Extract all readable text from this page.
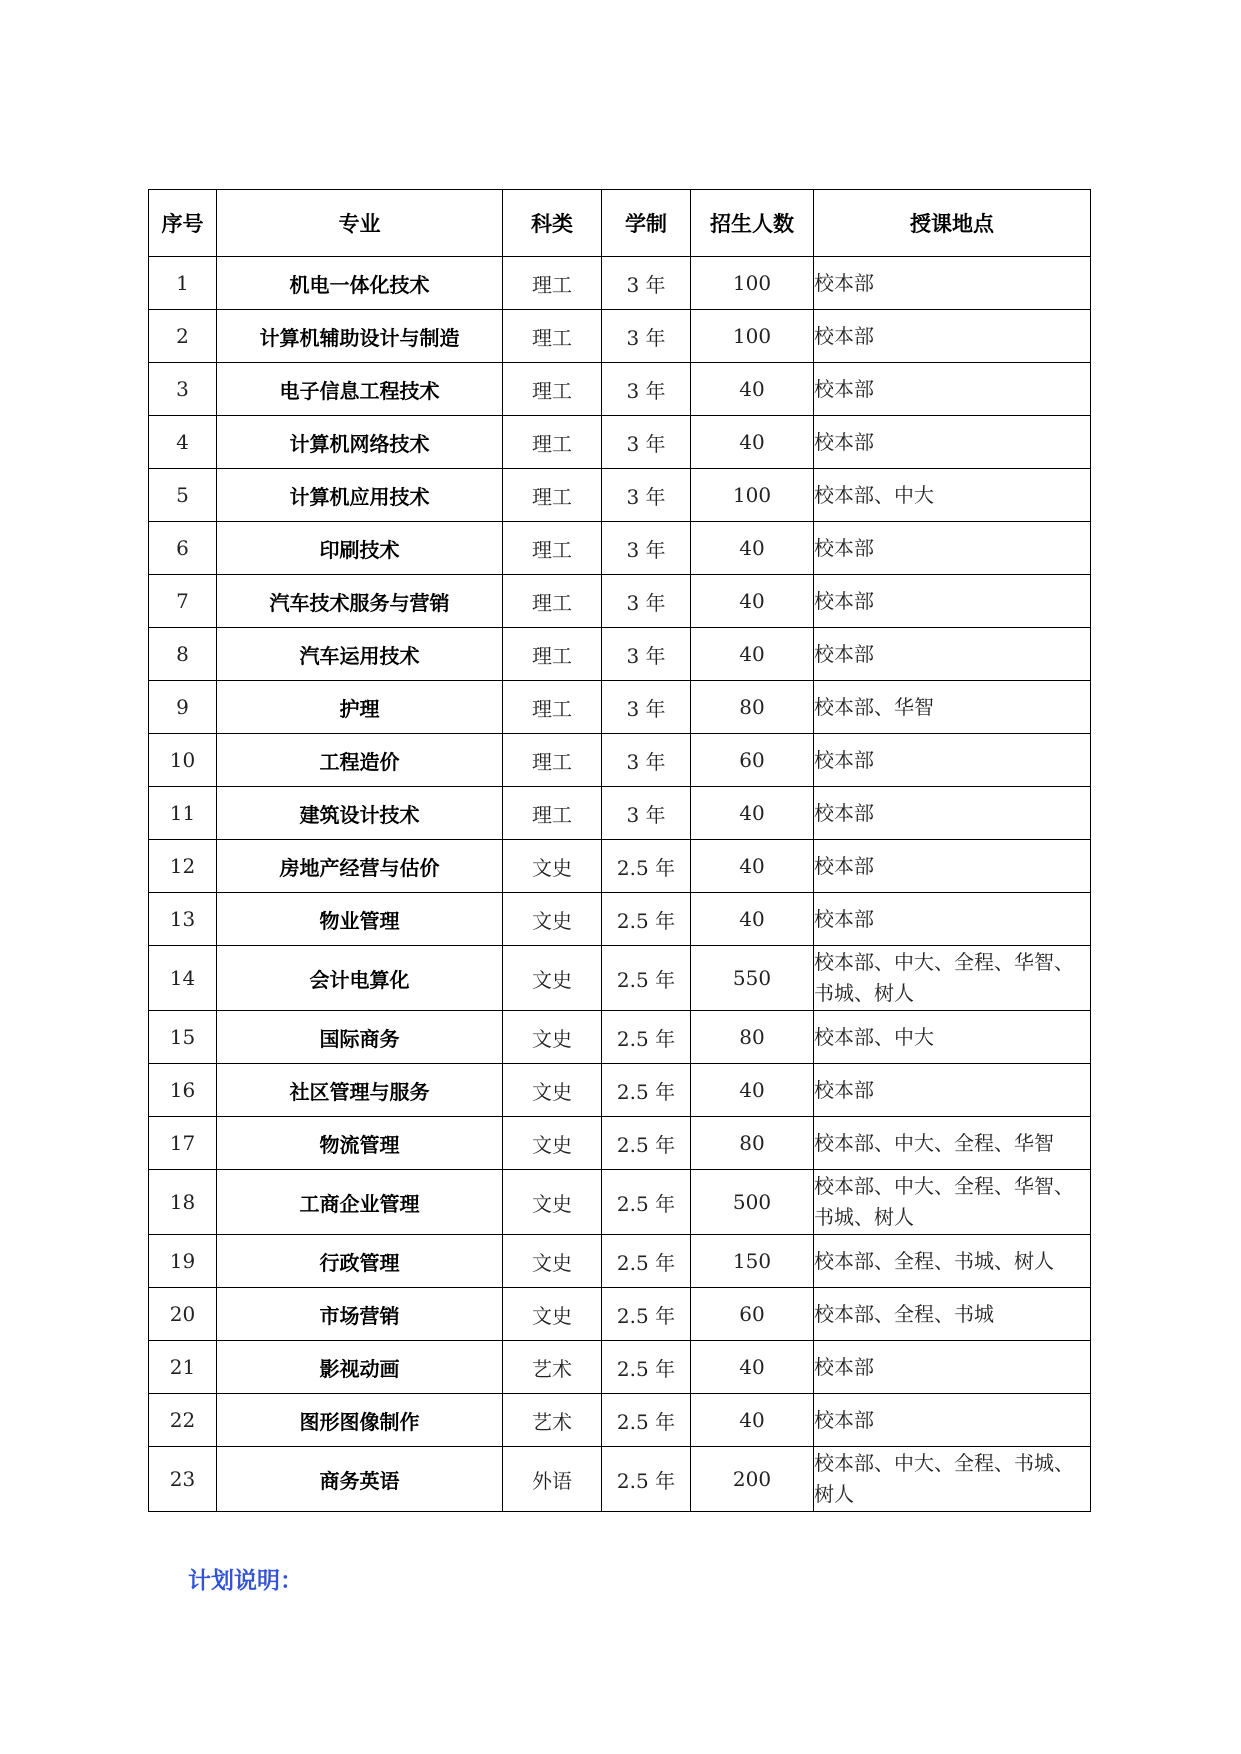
序号	专业	科类	学制	招生人数	授课地点
1	机电一体化技术	理工	3 年	100	校本部
2	计算机辅助设计与制造	理工	3 年	100	校本部
3	电子信息工程技术	理工	3 年	40	校本部
4	计算机网络技术	理工	3 年	40	校本部
5	计算机应用技术	理工	3 年	100	校本部、中大
6	印刷技术	理工	3 年	40	校本部
7	汽车技术服务与营销	理工	3 年	40	校本部
8	汽车运用技术	理工	3 年	40	校本部
9	护理	理工	3 年	80	校本部、华智
10	工程造价	理工	3 年	60	校本部
11	建筑设计技术	理工	3 年	40	校本部
12	房地产经营与估价	文史	2.5 年	40	校本部
13	物业管理	文史	2.5 年	40	校本部
14	会计电算化	文史	2.5 年	550	校本部、中大、全程、华智、书城、树人
15	国际商务	文史	2.5 年	80	校本部、中大
16	社区管理与服务	文史	2.5 年	40	校本部
17	物流管理	文史	2.5 年	80	校本部、中大、全程、华智
18	工商企业管理	文史	2.5 年	500	校本部、中大、全程、华智、书城、树人
19	行政管理	文史	2.5 年	150	校本部、全程、书城、树人
20	市场营销	文史	2.5 年	60	校本部、全程、书城
21	影视动画	艺术	2.5 年	40	校本部
22	图形图像制作	艺术	2.5 年	40	校本部
23	商务英语	外语	2.5 年	200	校本部、中大、全程、书城、树人

计划说明：
